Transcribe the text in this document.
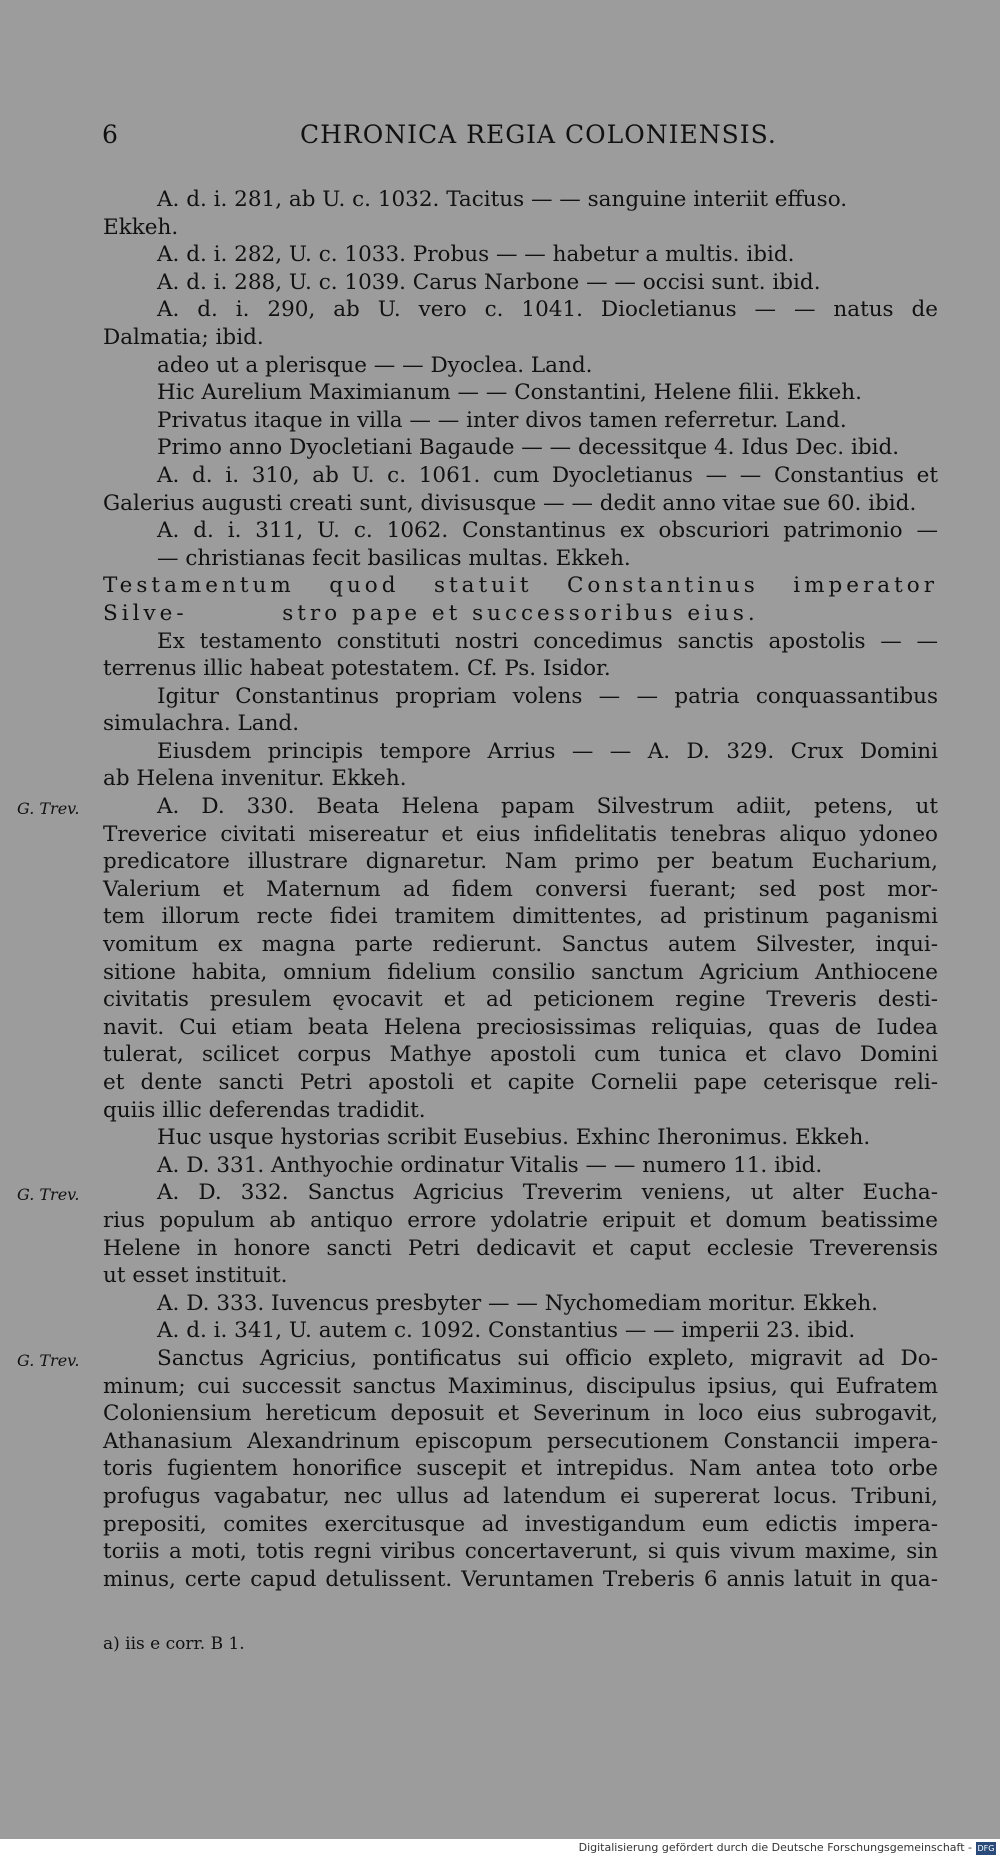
6	CHRONICA REGIA COLONIENSIS.
A. d. i. 281, ab U. c. 1032. Tacitus — — sanguine interiit effuso.
Ekkeh.
A. d. i. 282, U. c. 1033. Probus — — habetur a multis. ibid.
A. d. i. 288, U. c. 1039. Carus Narbone — — occisi sunt. ibid.
A. d. i. 290, ab U. vero c. 1041. Diocletianus — — natus de
Dalmatia; ibid.
adeo ut a plerisque — — Dyoclea. Land.
Hic Aurelium Maximianum — — Constantini, Helene filii. Ekkeh.
Privatus itaque in villa — — inter divos tamen referretur. Land.
Primo anno Dyocletiani Bagaude — — decessitque 4. Idus Dec. ibid.
A. d. i. 310, ab U. c. 1061. cum Dyocletianus — — Constantius et
Galerius augusti creati sunt, divisusque — — dedit anno vitae sue 60. ibid.
A. d. i. 311, U. c. 1062. Constantinus ex obscuriori patrimonio —
— christianas fecit basilicas multas. Ekkeh.
Testamentum quod statuit Constantinus imperator Silve-	stro pape et successoribus eius.
Ex testamento constituti nostri concedimus sanctis apostolis — —
terrenus illic habeat potestatem. Cf. Ps. Isidor.
Igitur Constantinus propriam volens — — patria conquassantibus
simulachra. Land.
Eiusdem principis tempore Arrius — — A. D. 329. Crux Domini
ab Helena invenitur. Ekkeh.
G. Trev.	A. D. 330. Beata Helena papam Silvestrum adiit, petens, ut
Treverice civitati misereatur et eius infidelitatis tenebras aliquo ydoneo
predicatore illustrare dignaretur. Nam primo per beatum Eucharium,
Valerium et Maternum ad fidem conversi fuerant; sed post mor-
tem illorum recte fidei tramitem dimittentes, ad pristinum paganismi
vomitum ex magna parte redierunt. Sanctus autem Silvester, inqui-
sitione habita, omnium fidelium consilio sanctum Agricium Anthiocene
civitatis presulem ęvocavit et ad peticionem regine Treveris desti-
navit. Cui etiam beata Helena preciosissimas reliquias, quas de Iudea
tulerat, scilicet corpus Mathye apostoli cum tunica et clavo Domini
et dente sancti Petri apostoli et capite Cornelii pape ceterisque reli-
quiis illic deferendas tradidit.
Huc usque hystorias scribit Eusebius. Exhinc Iheronimus. Ekkeh.
A. D. 331. Anthyochie ordinatur Vitalis — — numero 11. ibid.
G. Trev.	A. D. 332. Sanctus Agricius Treverim veniens, ut alter Eucha-
rius populum ab antiquo errore ydolatrie eripuit et domum beatissime
Helene in honore sancti Petri dedicavit et caput ecclesie Treverensis
ut esset instituit.
A. D. 333. Iuvencus presbyter — — Nychomediam moritur. Ekkeh.
A. d. i. 341, U. autem c. 1092. Constantius — — imperii 23. ibid.
G. Trev.	Sanctus Agricius, pontificatus sui officio expleto, migravit ad Do-
minum; cui successit sanctus Maximinus, discipulus ipsius, qui Eufratem
Coloniensium hereticum deposuit et Severinum in loco eius subrogavit,
Athanasium Alexandrinum episcopum persecutionem Constancii impera-
toris fugientem honorifice suscepit et intrepidus. Nam antea toto orbe
profugus vagabatur, nec ullus ad latendum ei supererat locus. Tribuni,
prepositi, comites exercitusque ad investigandum eum edictis impera-
toriis a moti, totis regni viribus concertaverunt, si quis vivum maxime, sin
minus, certe capud detulissent. Veruntamen Treberis 6 annis latuit in qua-
a) iis e corr. B 1.
Digitalisierung gefördert durch die Deutsche Forschungsgemeinschaft - DFG
